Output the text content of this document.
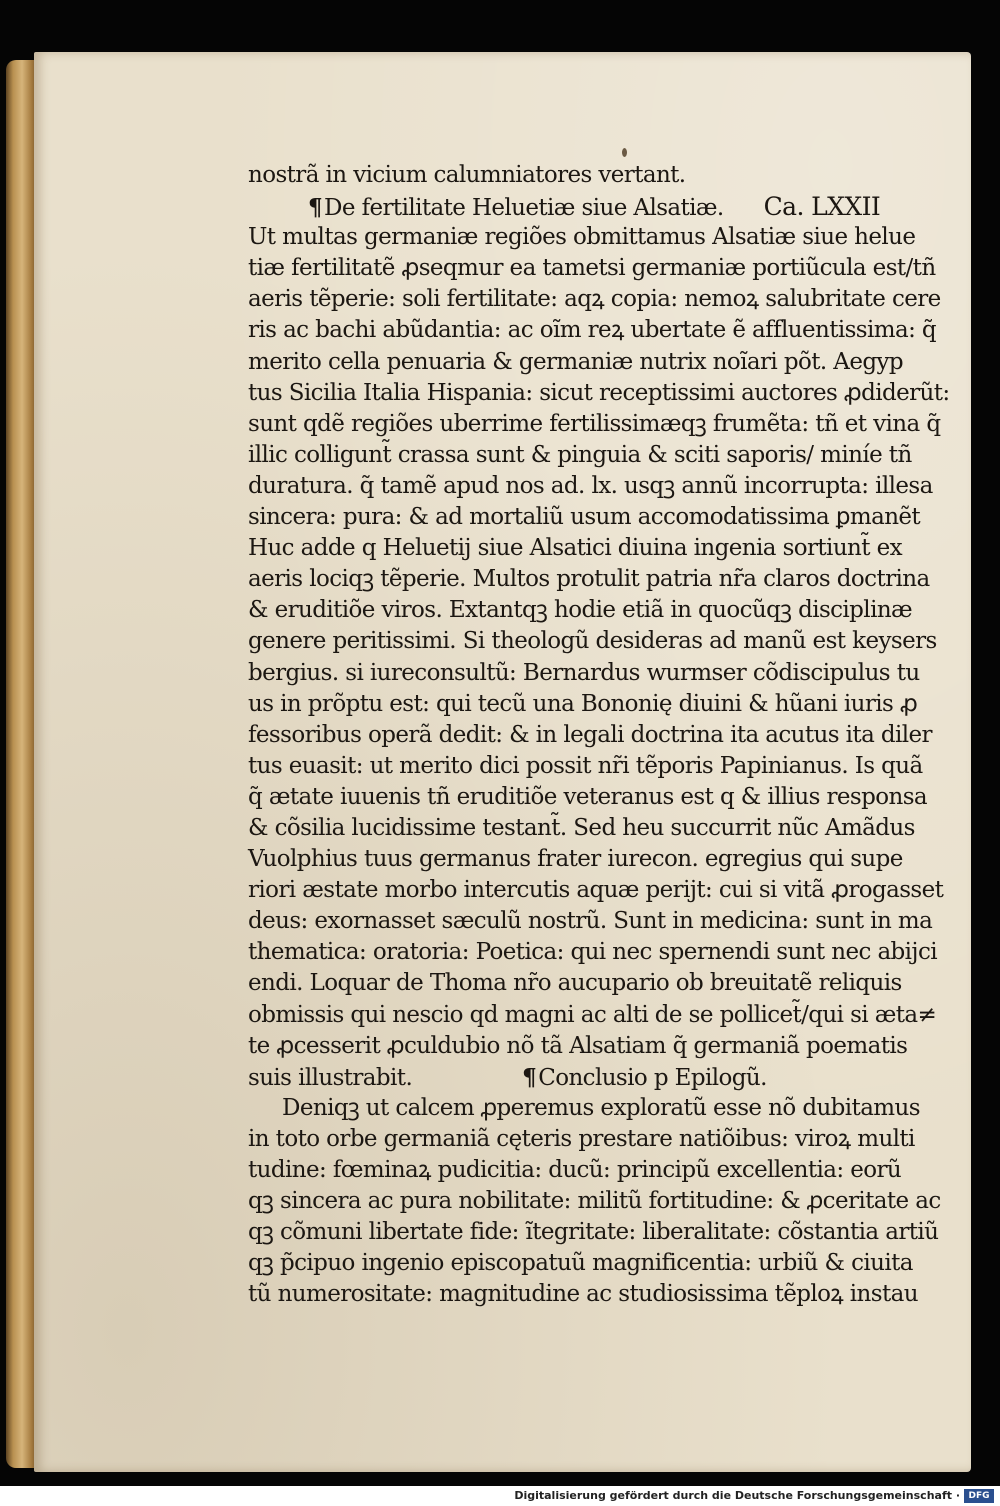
nostrã in vicium calumniatores vertant.
¶De fertilitate Heluetiæ siue Alsatiæ. Ca. LXXII
Ut multas germaniæ regiões obmittamus Alsatiæ siue helue
tiæ fertilitatẽ ꝓseqmur ea tametsi germaniæ portiũcula est/tñ
aeris tẽperie: soli fertilitate: aqꝝ copia: nemoꝝ salubritate cere
ris ac bachi abũdantia: ac oĩm reꝝ ubertate ẽ affluentissima: q̃
merito cella penuaria & germaniæ nutrix noĩari põt. Aegyp
tus Sicilia Italia Hispania: sicut receptissimi auctores ꝓdiderũt:
sunt qdẽ regiões uberrime fertilissimæqꝫ frumẽta: tñ et vina q̃
illic colligunt̃ crassa sunt & pinguia & sciti saporis/ miníe tñ
duratura. q̃ tamẽ apud nos ad. lx. usqꝫ annũ incorrupta: illesa
sincera: pura: & ad mortaliũ usum accomodatissima ꝑmanẽt
Huc adde q Heluetij siue Alsatici diuina ingenia sortiunt̃ ex
aeris lociqꝫ tẽperie. Multos protulit patria nr̃a claros doctrina
& eruditiõe viros. Extantqꝫ hodie etiã in quocũqꝫ disciplinæ
genere peritissimi. Si theologũ desideras ad manũ est keysers
bergius. si iureconsultũ: Bernardus wurmser cõdiscipulus tu
us in prõptu est: qui tecũ una Bononię diuini & hũani iuris ꝓ
fessoribus operã dedit: & in legali doctrina ita acutus ita diler
tus euasit: ut merito dici possit nr̃i tẽporis Papinianus. Is quã
q̃ ætate iuuenis tñ eruditiõe veteranus est q & illius responsa
& cõsilia lucidissime testant̃. Sed heu succurrit nũc Amãdus
Vuolphius tuus germanus frater iurecon. egregius qui supe
riori æstate morbo intercutis aquæ perijt: cui si vitã ꝓrogasset
deus: exornasset sæculũ nostrũ. Sunt in medicina: sunt in ma
thematica: oratoria: Poetica: qui nec spernendi sunt nec abijci
endi. Loquar de Thoma nr̃o aucupario ob breuitatẽ reliquis
obmissis qui nescio qd magni ac alti de se pollicet̃/qui si æta≠
te ꝓcesserit ꝓculdubio nõ tã Alsatiam q̃ germaniã poematis
suis illustrabit.	¶Conclusio p Epilogũ.
Deniqꝫ ut calcem ꝓperemus exploratũ esse nõ dubitamus
in toto orbe germaniã cęteris prestare natiõibus: viroꝝ multi
tudine: fœminaꝝ pudicitia: ducũ: principũ excellentia: eorũ
qꝫ sincera ac pura nobilitate: militũ fortitudine: & ꝓceritate ac
qꝫ cõmuni libertate fide: ĩtegritate: liberalitate: cõstantia artiũ
qꝫ p̃cipuo ingenio episcopatuũ magnificentia: urbiũ & ciuita
tũ numerositate: magnitudine ac studiosissima tẽploꝝ instau
Digitalisierung gefördert durch die Deutsche Forschungsgemeinschaft · DFG
